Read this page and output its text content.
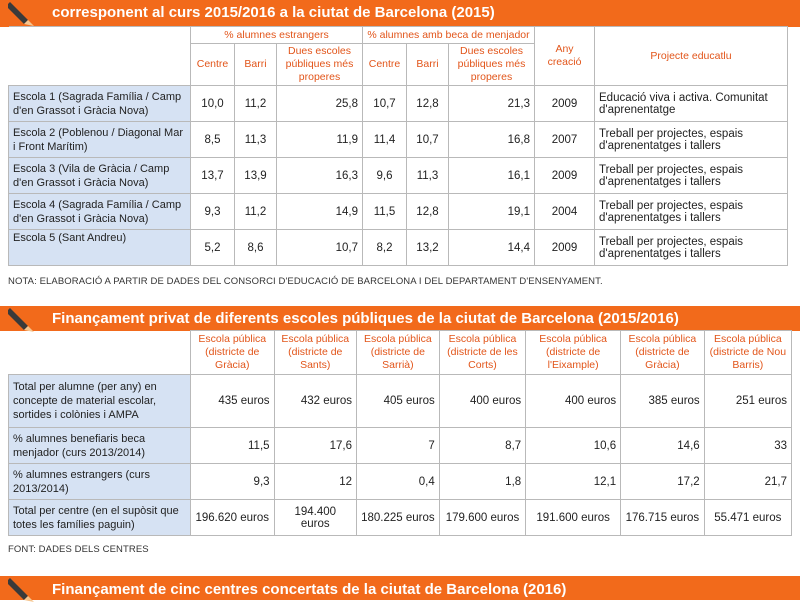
corresponent al curs 2015/2016 a la ciutat de Barcelona (2015)
	% alumnes estrangers			% alumnes amb beca de menjador			Any creació	Projecte educatlu
	Centre	Barri	Dues escoles públiques més properes	Centre	Barri	Dues escoles públiques més properes		
Escola 1 (Sagrada Família / Camp d'en Grassot i Gràcia Nova)	10,0	11,2	25,8	10,7	12,8	21,3	2009	Educació viva i activa. Comunitat d'aprenentatge
Escola 2 (Poblenou / Diagonal Mar i Front Marítim)	8,5	11,3	11,9	11,4	10,7	16,8	2007	Treball per projectes, espais d'aprenentatges i tallers
Escola 3 (Vila de Gràcia / Camp d'en Grassot i Gràcia Nova)	13,7	13,9	16,3	9,6	11,3	16,1	2009	Treball per projectes, espais d'aprenentatges i tallers
Escola 4 (Sagrada Família / Camp d'en Grassot i Gràcia Nova)	9,3	11,2	14,9	11,5	12,8	19,1	2004	Treball per projectes, espais d'aprenentatges i tallers
Escola 5 (Sant Andreu)	5,2	8,6	10,7	8,2	13,2	14,4	2009	Treball per projectes, espais d'aprenentatges i tallers
NOTA: ELABORACIÓ A PARTIR DE DADES DEL CONSORCI D'EDUCACIÓ DE BARCELONA I DEL DEPARTAMENT D'ENSENYAMENT.
Finançament privat de diferents escoles públiques de la ciutat de Barcelona (2015/2016)
	Escola pública (districte de Gràcia)	Escola pública (districte de Sants)	Escola pública (districte de Sarrià)	Escola pública (districte de les Corts)	Escola pública (districte de l'Eixample)	Escola pública (districte de Gràcia)	Escola pública (districte de Nou Barris)
Total per alumne (per any) en concepte de material escolar, sortides i colònies i AMPA	435 euros	432 euros	405 euros	400 euros	400 euros	385 euros	251 euros
% alumnes benefiaris beca menjador (curs 2013/2014)	11,5	17,6	7	8,7	10,6	14,6	33
% alumnes estrangers (curs 2013/2014)	9,3	12	0,4	1,8	12,1	17,2	21,7
Total per centre (en el supòsit que totes les famílies paguin)	196.620 euros	194.400 euros	180.225 euros	179.600 euros	191.600 euros	176.715 euros	55.471 euros
FONT: DADES DELS CENTRES
Finançament de cinc centres concertats de la ciutat de Barcelona (2016)
